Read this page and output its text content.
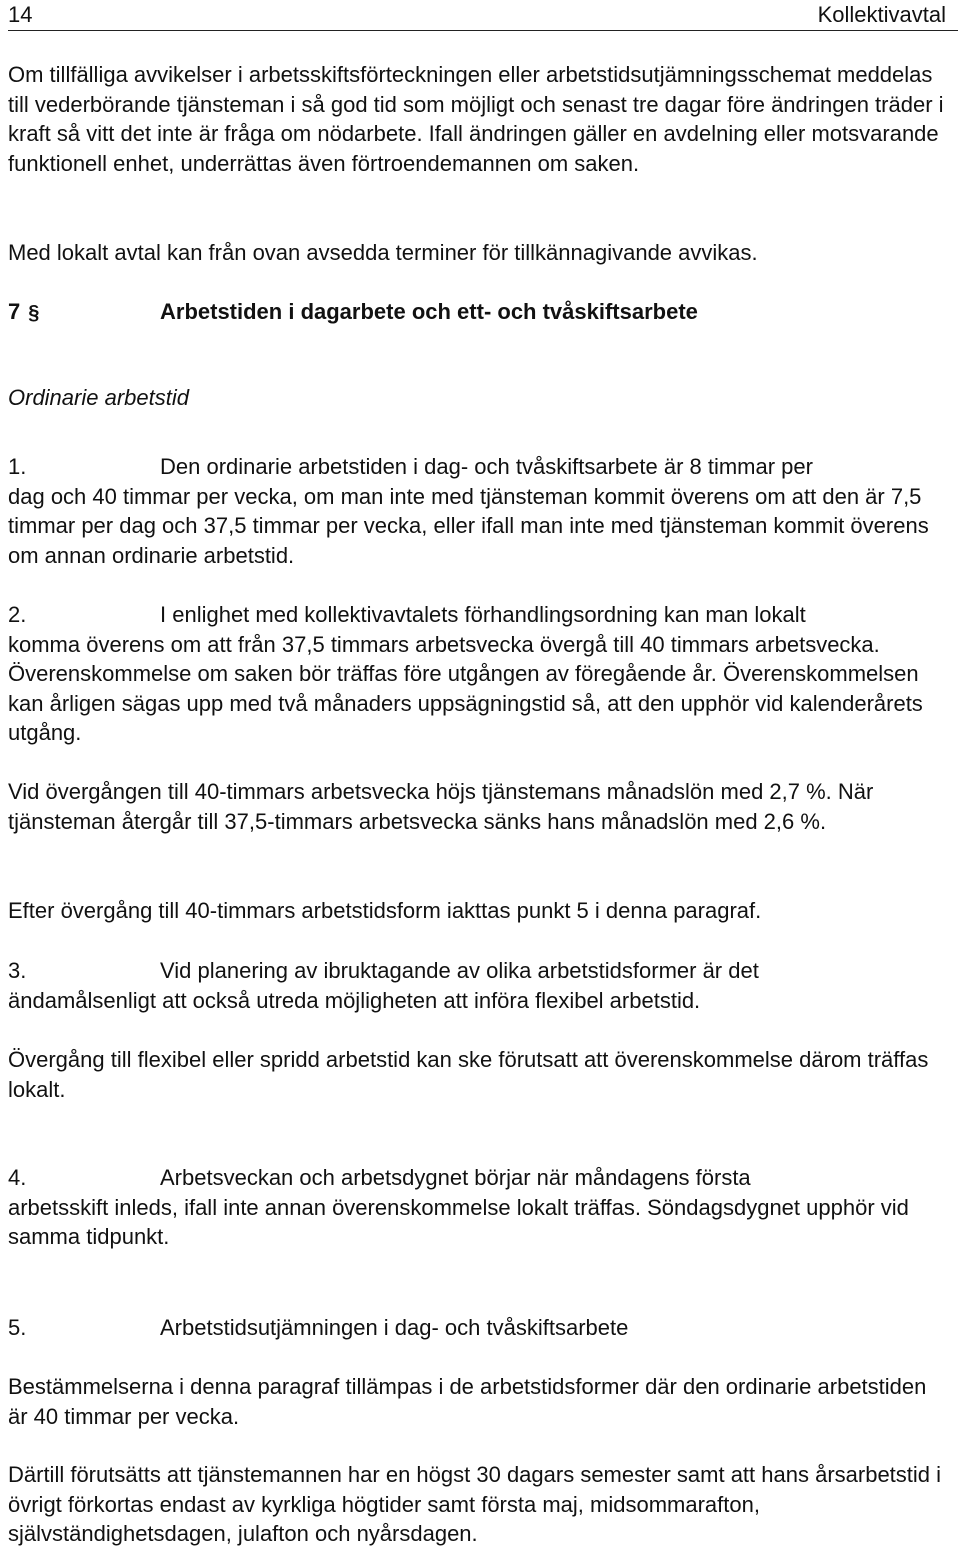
14	Kollektivavtal

Om tillfälliga avvikelser i arbetsskiftsförteckningen eller arbetstidsutjämningsschemat meddelas till vederbörande tjänsteman i så god tid som möjligt och senast tre dagar före ändringen träder i kraft så vitt det inte är fråga om nödarbete. Ifall ändringen gäller en avdelning eller motsvarande funktionell enhet, underrättas även förtroendemannen om saken.

Med lokalt avtal kan från ovan avsedda terminer för tillkännagivande avvikas.

7 §	Arbetstiden i dagarbete och ett- och tvåskiftsarbete

Ordinarie arbetstid

1.	Den ordinarie arbetstiden i dag- och tvåskiftsarbete är 8 timmar per
dag och 40 timmar per vecka, om man inte med tjänsteman kommit överens om att den är 7,5 timmar per dag och 37,5 timmar per vecka, eller ifall man inte med tjänsteman kommit överens om annan ordinarie arbetstid.
2.	I enlighet med kollektivavtalets förhandlingsordning kan man lokalt
komma överens om att från 37,5 timmars arbetsvecka övergå till 40 timmars arbetsvecka. Överenskommelse om saken bör träffas före utgången av föregående år. Överenskommelsen kan årligen sägas upp med två månaders uppsägningstid så, att den upphör vid kalenderårets utgång.

Vid övergången till 40-timmars arbetsvecka höjs tjänstemans månadslön med 2,7 %. När tjänsteman återgår till 37,5-timmars arbetsvecka sänks hans månadslön med 2,6 %.

Efter övergång till 40-timmars arbetstidsform iakttas punkt 5 i denna paragraf.

3.	Vid planering av ibruktagande av olika arbetstidsformer är det
ändamålsenligt att också utreda möjligheten att införa flexibel arbetstid.

Övergång till flexibel eller spridd arbetstid kan ske förutsatt att överenskommelse därom träffas lokalt.

4.	Arbetsveckan och arbetsdygnet börjar när måndagens första
arbetsskift inleds, ifall inte annan överenskommelse lokalt träffas. Söndagsdygnet upphör vid samma tidpunkt.
5.	Arbetstidsutjämningen i dag- och tvåskiftsarbete

Bestämmelserna i denna paragraf tillämpas i de arbetstidsformer där den ordinarie arbetstiden är 40 timmar per vecka.

Därtill förutsätts att tjänstemannen har en högst 30 dagars semester samt att hans årsarbetstid i övrigt förkortas endast av kyrkliga högtider samt första maj, midsommarafton, självständighetsdagen, julafton och nyårsdagen.
